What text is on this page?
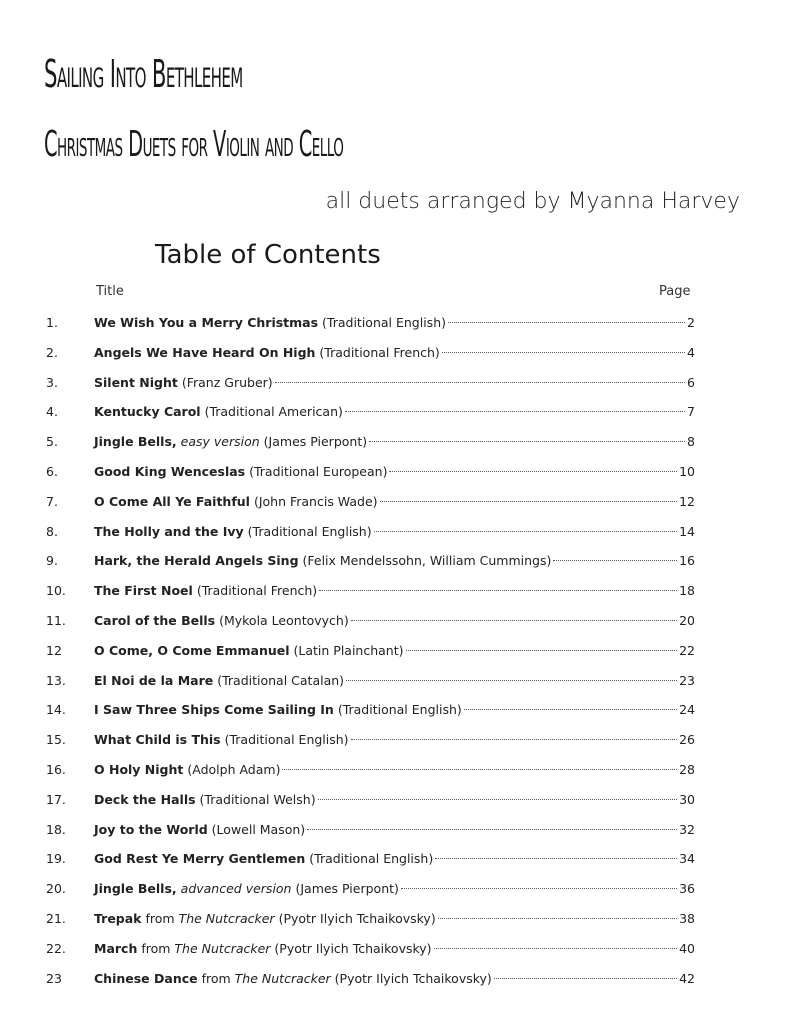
Sailing Into Bethlehem
Christmas Duets for Violin and Cello
all duets arranged by Myanna Harvey
Table of Contents
Title	Page
1.	We Wish You a Merry Christmas (Traditional English)	2
2.	Angels We Have Heard On High (Traditional French)	4
3.	Silent Night (Franz Gruber)	6
4.	Kentucky Carol (Traditional American)	7
5.	Jingle Bells, easy version (James Pierpont)	8
6.	Good King Wenceslas (Traditional European)	10
7.	O Come All Ye Faithful (John Francis Wade)	12
8.	The Holly and the Ivy (Traditional English)	14
9.	Hark, the Herald Angels Sing (Felix Mendelssohn, William Cummings)	16
10. The First Noel (Traditional French)	18
11. Carol of the Bells (Mykola Leontovych)	20
12	O Come, O Come Emmanuel (Latin Plainchant)	22
13. El Noi de la Mare (Traditional Catalan)	23
14. I Saw Three Ships Come Sailing In (Traditional English)	24
15. What Child is This (Traditional English)	26
16. O Holy Night (Adolph Adam)	28
17. Deck the Halls (Traditional Welsh)	30
18. Joy to the World (Lowell Mason)	32
19. God Rest Ye Merry Gentlemen (Traditional English)	34
20. Jingle Bells, advanced version (James Pierpont)	36
21. Trepak from The Nutcracker (Pyotr Ilyich Tchaikovsky)	38
22. March from The Nutcracker (Pyotr Ilyich Tchaikovsky)	40
23	Chinese Dance from The Nutcracker (Pyotr Ilyich Tchaikovsky)	42
